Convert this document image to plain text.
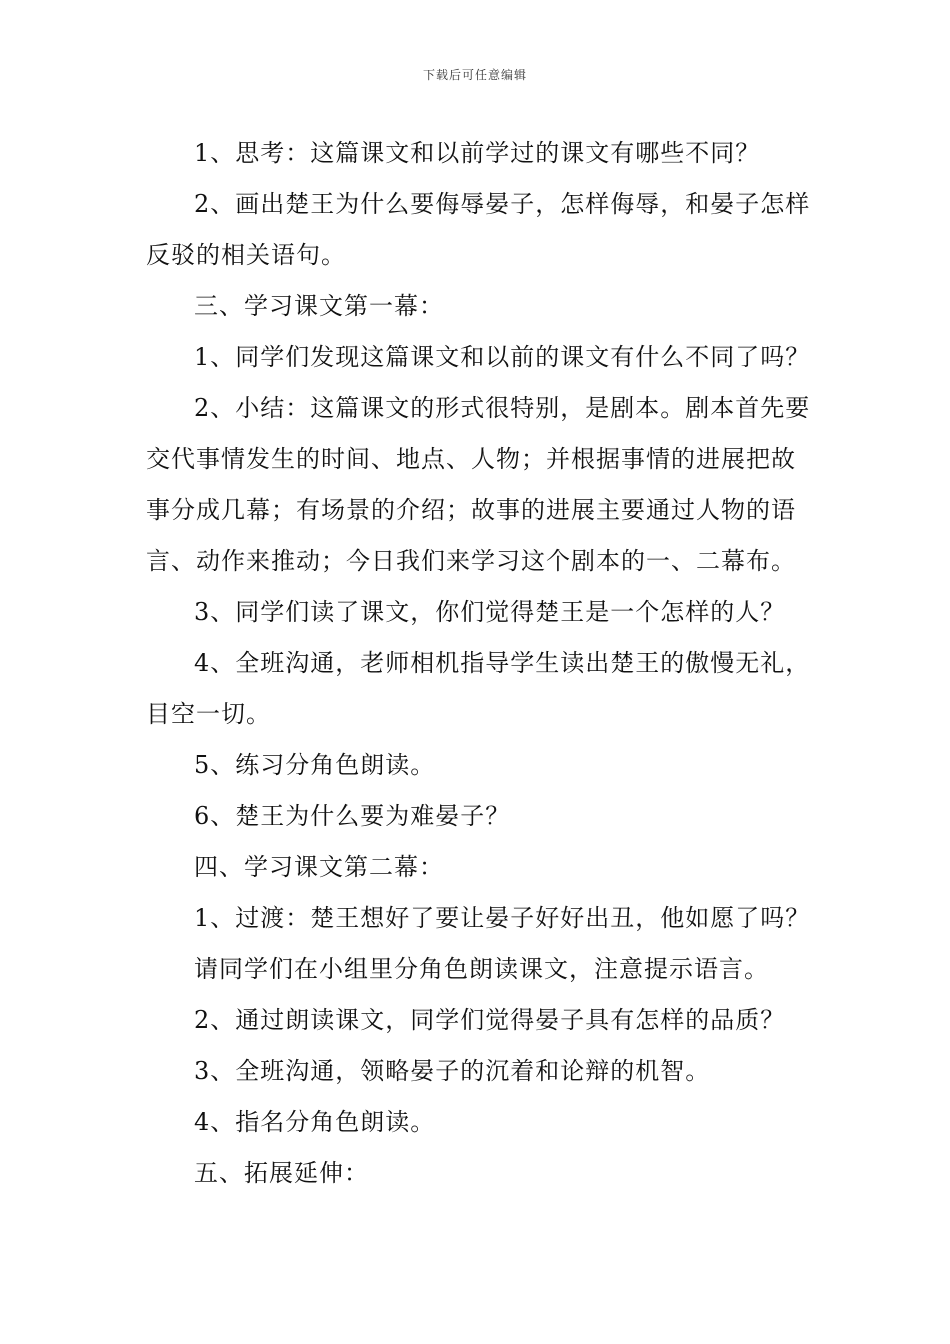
下载后可任意编辑

1、思考：这篇课文和以前学过的课文有哪些不同？

2、画出楚王为什么要侮辱晏子，怎样侮辱，和晏子怎样反驳的相关语句。

三、学习课文第一幕：

1、同学们发现这篇课文和以前的课文有什么不同了吗？

2、小结：这篇课文的形式很特别，是剧本。剧本首先要交代事情发生的时间、地点、人物；并根据事情的进展把故事分成几幕；有场景的介绍；故事的进展主要通过人物的语言、动作来推动；今日我们来学习这个剧本的一、二幕布。

3、同学们读了课文，你们觉得楚王是一个怎样的人？

4、全班沟通，老师相机指导学生读出楚王的傲慢无礼，目空一切。

5、练习分角色朗读。

6、楚王为什么要为难晏子？

四、学习课文第二幕：

1、过渡：楚王想好了要让晏子好好出丑，他如愿了吗？

请同学们在小组里分角色朗读课文，注意提示语言。

2、通过朗读课文，同学们觉得晏子具有怎样的品质？

3、全班沟通，领略晏子的沉着和论辩的机智。

4、指名分角色朗读。

五、拓展延伸：
